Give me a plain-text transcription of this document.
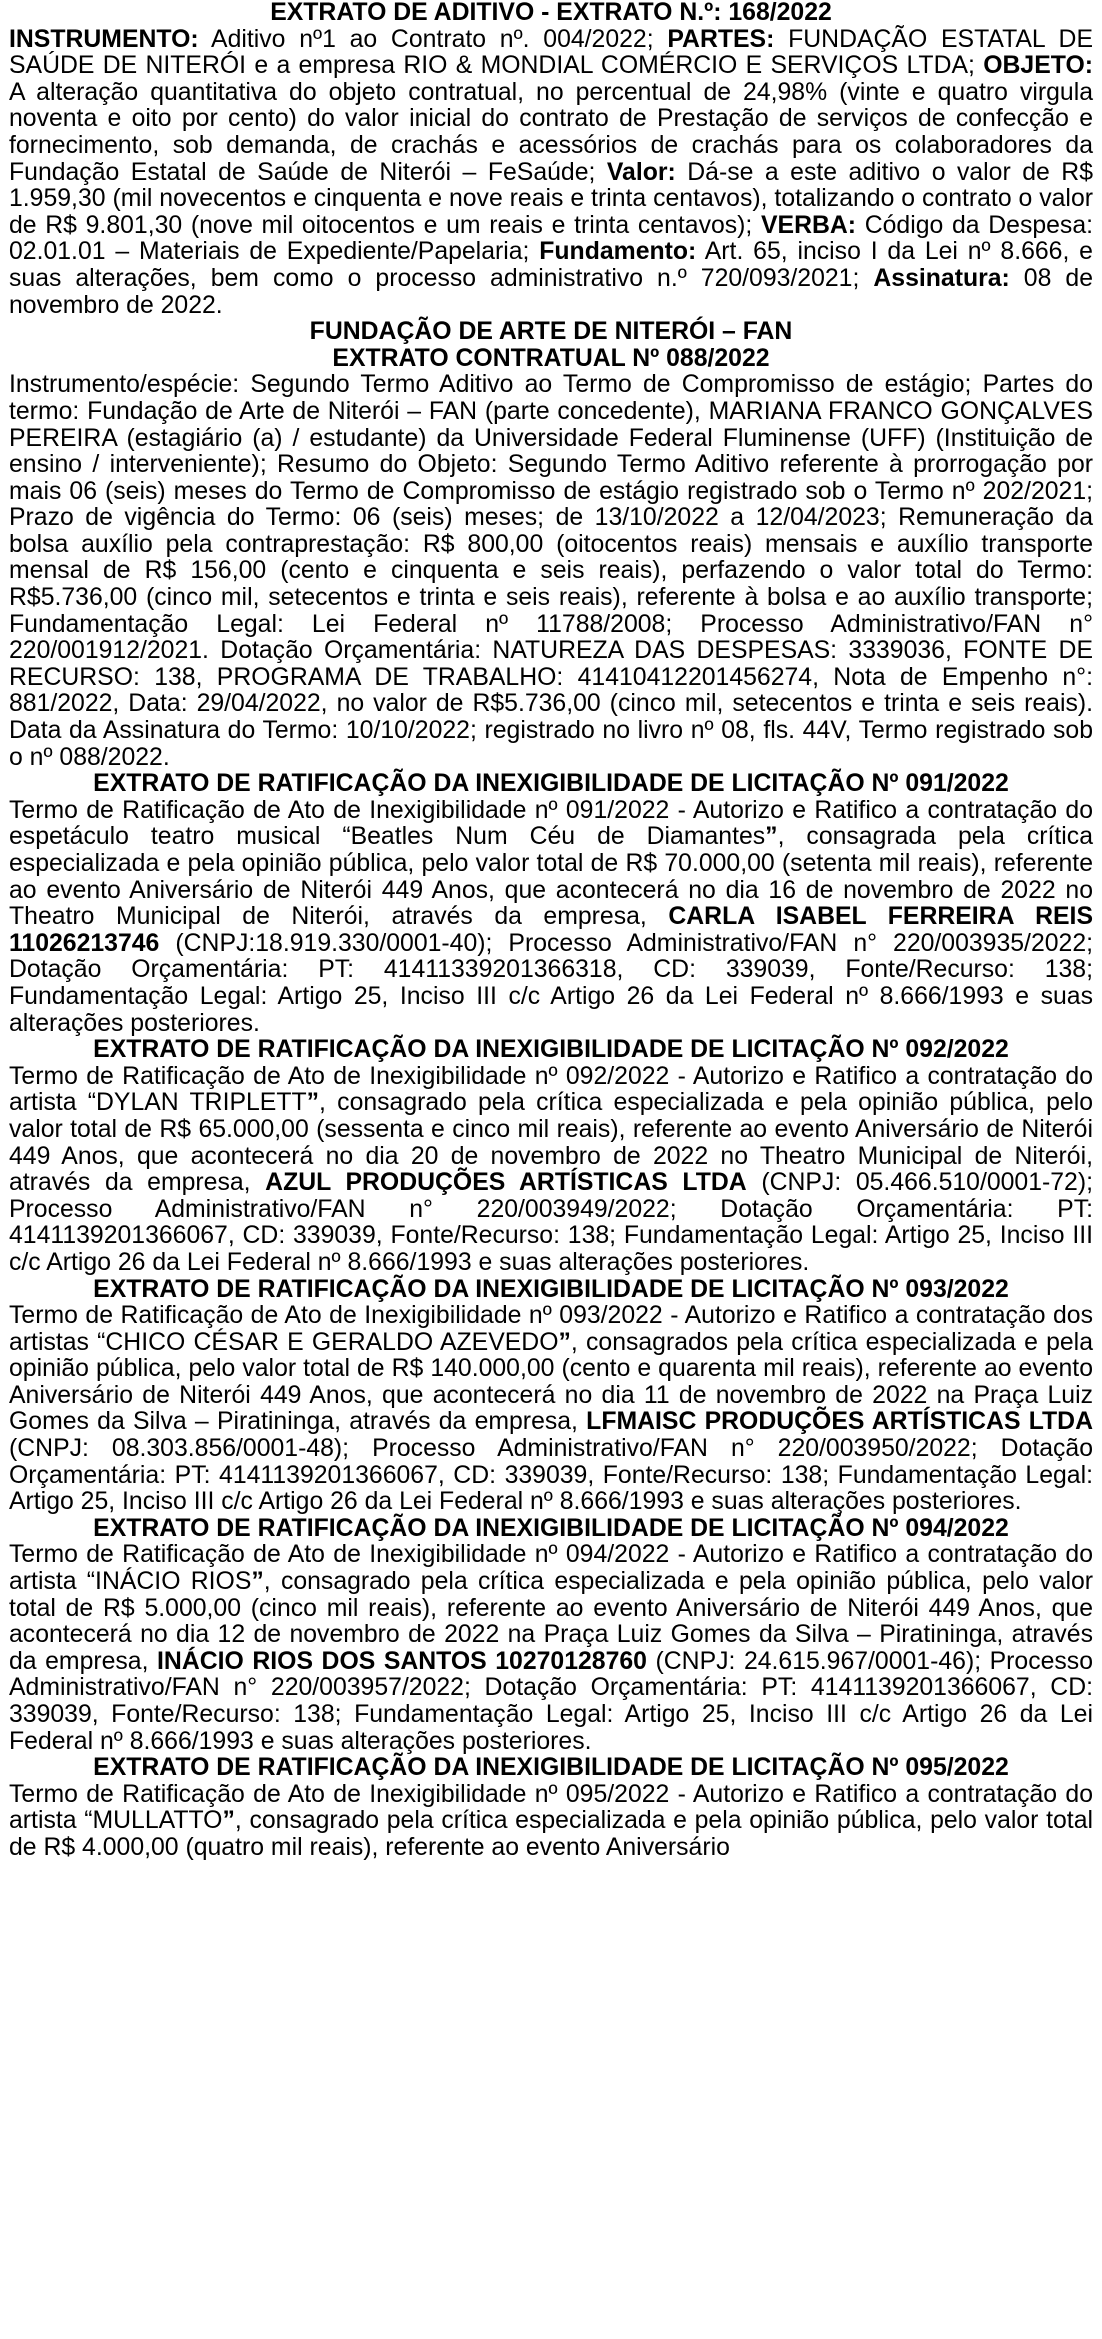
EXTRATO DE ADITIVO - EXTRATO N.º: 168/2022

INSTRUMENTO: Aditivo nº1 ao Contrato nº. 004/2022; PARTES: FUNDAÇÃO ESTATAL DE SAÚDE DE NITERÓI e a empresa RIO & MONDIAL COMÉRCIO E SERVIÇOS LTDA; OBJETO: A alteração quantitativa do objeto contratual, no percentual de 24,98% (vinte e quatro virgula noventa e oito por cento) do valor inicial do contrato de Prestação de serviços de confecção e fornecimento, sob demanda, de crachás e acessórios de crachás para os colaboradores da Fundação Estatal de Saúde de Niterói – FeSaúde; Valor: Dá-se a este aditivo o valor de R$ 1.959,30 (mil novecentos e cinquenta e nove reais e trinta centavos), totalizando o contrato o valor de R$ 9.801,30 (nove mil oitocentos e um reais e trinta centavos); VERBA: Código da Despesa: 02.01.01 – Materiais de Expediente/Papelaria; Fundamento: Art. 65, inciso I da Lei nº 8.666, e suas alterações, bem como o processo administrativo n.º 720/093/2021; Assinatura: 08 de novembro de 2022.

FUNDAÇÃO DE ARTE DE NITERÓI – FAN
EXTRATO CONTRATUAL Nº 088/2022

Instrumento/espécie: Segundo Termo Aditivo ao Termo de Compromisso de estágio; Partes do termo: Fundação de Arte de Niterói – FAN (parte concedente), MARIANA FRANCO GONÇALVES PEREIRA (estagiário (a) / estudante) da Universidade Federal Fluminense (UFF) (Instituição de ensino / interveniente); Resumo do Objeto: Segundo Termo Aditivo referente à prorrogação por mais 06 (seis) meses do Termo de Compromisso de estágio registrado sob o Termo nº 202/2021; Prazo de vigência do Termo: 06 (seis) meses; de 13/10/2022 a 12/04/2023; Remuneração da bolsa auxílio pela contraprestação: R$ 800,00 (oitocentos reais) mensais e auxílio transporte mensal de R$ 156,00 (cento e cinquenta e seis reais), perfazendo o valor total do Termo: R$5.736,00 (cinco mil, setecentos e trinta e seis reais), referente à bolsa e ao auxílio transporte; Fundamentação Legal: Lei Federal nº 11788/2008; Processo Administrativo/FAN n° 220/001912/2021. Dotação Orçamentária: NATUREZA DAS DESPESAS: 3339036, FONTE DE RECURSO: 138, PROGRAMA DE TRABALHO: 41410412201456274, Nota de Empenho n°: 881/2022, Data: 29/04/2022, no valor de R$5.736,00 (cinco mil, setecentos e trinta e seis reais). Data da Assinatura do Termo: 10/10/2022; registrado no livro nº 08, fls. 44V, Termo registrado sob o nº 088/2022.

EXTRATO DE RATIFICAÇÃO DA INEXIGIBILIDADE DE LICITAÇÃO Nº 091/2022

Termo de Ratificação de Ato de Inexigibilidade nº 091/2022 - Autorizo e Ratifico a contratação do espetáculo teatro musical “Beatles Num Céu de Diamantes”, consagrada pela crítica especializada e pela opinião pública, pelo valor total de R$ 70.000,00 (setenta mil reais), referente ao evento Aniversário de Niterói 449 Anos, que acontecerá no dia 16 de novembro de 2022 no Theatro Municipal de Niterói, através da empresa, CARLA ISABEL FERREIRA REIS 11026213746 (CNPJ:18.919.330/0001-40); Processo Administrativo/FAN n° 220/003935/2022; Dotação Orçamentária: PT: 41411339201366318, CD: 339039, Fonte/Recurso: 138; Fundamentação Legal: Artigo 25, Inciso III c/c Artigo 26 da Lei Federal nº 8.666/1993 e suas alterações posteriores.

EXTRATO DE RATIFICAÇÃO DA INEXIGIBILIDADE DE LICITAÇÃO Nº 092/2022

Termo de Ratificação de Ato de Inexigibilidade nº 092/2022 - Autorizo e Ratifico a contratação do artista “DYLAN TRIPLETT”, consagrado pela crítica especializada e pela opinião pública, pelo valor total de R$ 65.000,00 (sessenta e cinco mil reais), referente ao evento Aniversário de Niterói 449 Anos, que acontecerá no dia 20 de novembro de 2022 no Theatro Municipal de Niterói, através da empresa, AZUL PRODUÇÕES ARTÍSTICAS LTDA (CNPJ: 05.466.510/0001-72); Processo Administrativo/FAN n° 220/003949/2022; Dotação Orçamentária: PT: 4141139201366067, CD: 339039, Fonte/Recurso: 138; Fundamentação Legal: Artigo 25, Inciso III c/c Artigo 26 da Lei Federal nº 8.666/1993 e suas alterações posteriores.

EXTRATO DE RATIFICAÇÃO DA INEXIGIBILIDADE DE LICITAÇÃO Nº 093/2022

Termo de Ratificação de Ato de Inexigibilidade nº 093/2022 - Autorizo e Ratifico a contratação dos artistas “CHICO CÉSAR E GERALDO AZEVEDO”, consagrados pela crítica especializada e pela opinião pública, pelo valor total de R$ 140.000,00 (cento e quarenta mil reais), referente ao evento Aniversário de Niterói 449 Anos, que acontecerá no dia 11 de novembro de 2022 na Praça Luiz Gomes da Silva – Piratininga, através da empresa, LFMAISC PRODUÇÕES ARTÍSTICAS LTDA (CNPJ: 08.303.856/0001-48); Processo Administrativo/FAN n° 220/003950/2022; Dotação Orçamentária: PT: 4141139201366067, CD: 339039, Fonte/Recurso: 138; Fundamentação Legal: Artigo 25, Inciso III c/c Artigo 26 da Lei Federal nº 8.666/1993 e suas alterações posteriores.

EXTRATO DE RATIFICAÇÃO DA INEXIGIBILIDADE DE LICITAÇÃO Nº 094/2022

Termo de Ratificação de Ato de Inexigibilidade nº 094/2022 - Autorizo e Ratifico a contratação do artista “INÁCIO RIOS”, consagrado pela crítica especializada e pela opinião pública, pelo valor total de R$ 5.000,00 (cinco mil reais), referente ao evento Aniversário de Niterói 449 Anos, que acontecerá no dia 12 de novembro de 2022 na Praça Luiz Gomes da Silva – Piratininga, através da empresa, INÁCIO RIOS DOS SANTOS 10270128760 (CNPJ: 24.615.967/0001-46); Processo Administrativo/FAN n° 220/003957/2022; Dotação Orçamentária: PT: 4141139201366067, CD: 339039, Fonte/Recurso: 138; Fundamentação Legal: Artigo 25, Inciso III c/c Artigo 26 da Lei Federal nº 8.666/1993 e suas alterações posteriores.

EXTRATO DE RATIFICAÇÃO DA INEXIGIBILIDADE DE LICITAÇÃO Nº 095/2022

Termo de Ratificação de Ato de Inexigibilidade nº 095/2022 - Autorizo e Ratifico a contratação do artista “MULLATTO”, consagrado pela crítica especializada e pela opinião pública, pelo valor total de R$ 4.000,00 (quatro mil reais), referente ao evento Aniversário
